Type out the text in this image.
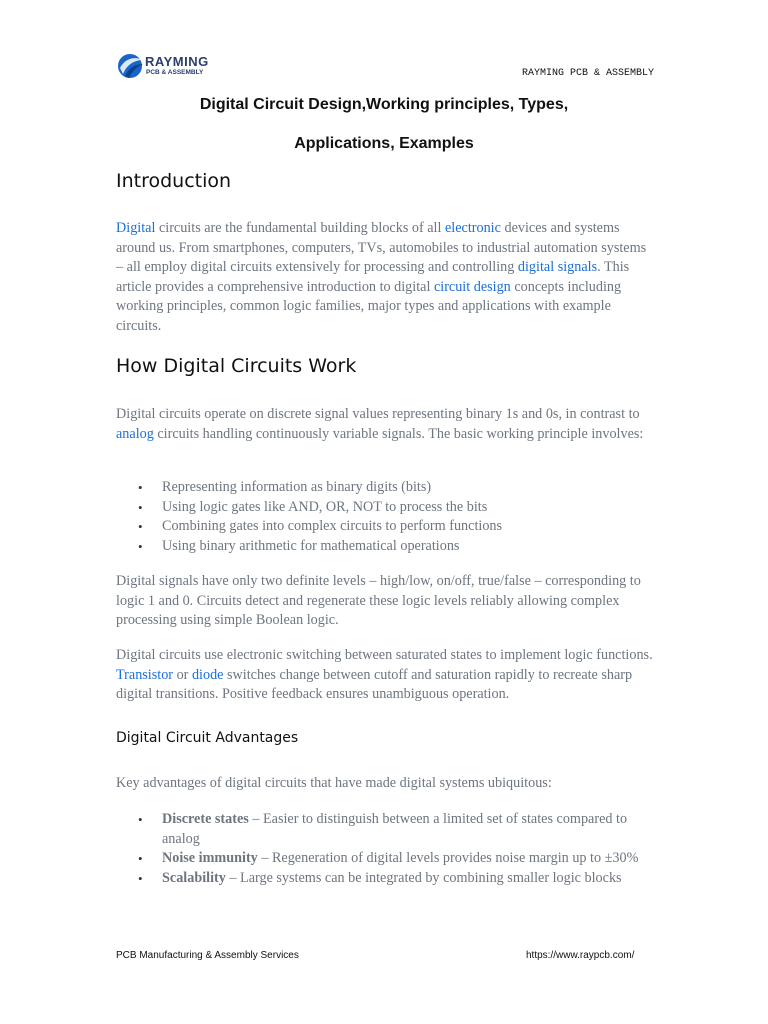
RAYMING
PCB & ASSEMBLY	RAYMING PCB & ASSEMBLY
Digital Circuit Design,Working principles, Types,
Applications, Examples
Introduction

Digital circuits are the fundamental building blocks of all electronic devices and systems around us. From smartphones, computers, TVs, automobiles to industrial automation systems – all employ digital circuits extensively for processing and controlling digital signals. This article provides a comprehensive introduction to digital circuit design concepts including working principles, common logic families, major types and applications with example circuits.

How Digital Circuits Work

Digital circuits operate on discrete signal values representing binary 1s and 0s, in contrast to analog circuits handling continuously variable signals. The basic working principle involves:

• Representing information as binary digits (bits)
• Using logic gates like AND, OR, NOT to process the bits
• Combining gates into complex circuits to perform functions
• Using binary arithmetic for mathematical operations

Digital signals have only two definite levels – high/low, on/off, true/false – corresponding to logic 1 and 0. Circuits detect and regenerate these logic levels reliably allowing complex processing using simple Boolean logic.

Digital circuits use electronic switching between saturated states to implement logic functions. Transistor or diode switches change between cutoff and saturation rapidly to recreate sharp digital transitions. Positive feedback ensures unambiguous operation.

Digital Circuit Advantages

Key advantages of digital circuits that have made digital systems ubiquitous:

• Discrete states – Easier to distinguish between a limited set of states compared to analog
• Noise immunity – Regeneration of digital levels provides noise margin up to ±30%
• Scalability – Large systems can be integrated by combining smaller logic blocks
PCB Manufacturing & Assembly Services	https://www.raypcb.com/
